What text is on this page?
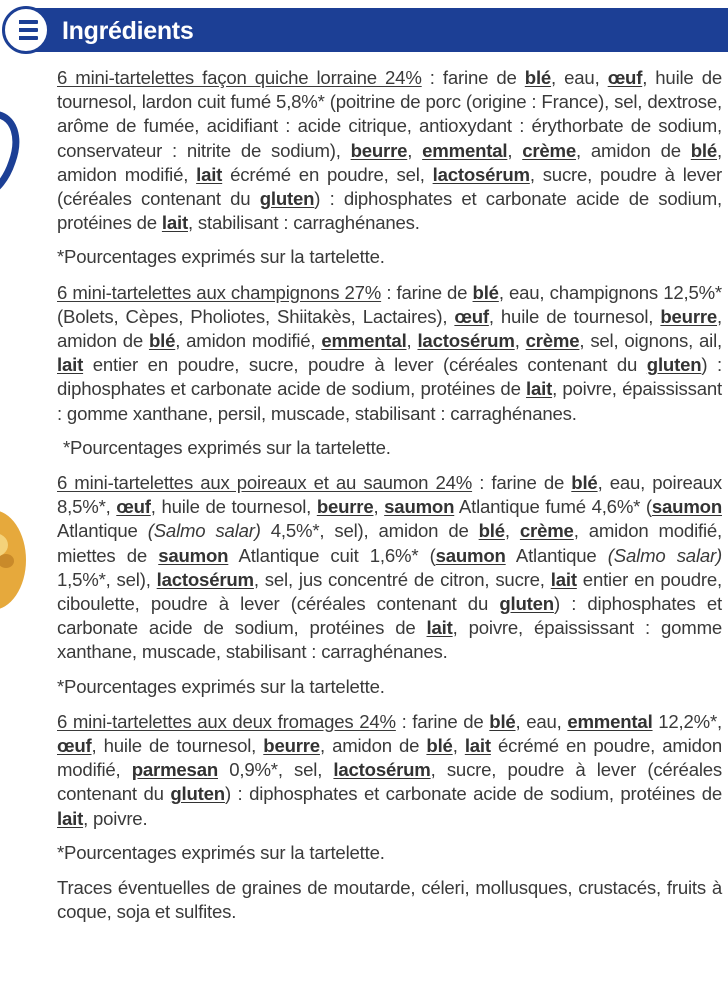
Ingrédients

6 mini-tartelettes façon quiche lorraine 24% : farine de blé, eau, œuf, huile de tournesol, lardon cuit fumé 5,8%* (poitrine de porc (origine : France), sel, dextrose, arôme de fumée, acidifiant : acide citrique, antioxydant : érythorbate de sodium, conservateur : nitrite de sodium), beurre, emmental, crème, amidon de blé, amidon modifié, lait écrémé en poudre, sel, lactosérum, sucre, poudre à lever (céréales contenant du gluten) : diphosphates et carbonate acide de sodium, protéines de lait, stabilisant : carraghénanes.

*Pourcentages exprimés sur la tartelette.

6 mini-tartelettes aux champignons 27% : farine de blé, eau, champignons 12,5%* (Bolets, Cèpes, Pholiotes, Shiitakès, Lactaires), œuf, huile de tournesol, beurre, amidon de blé, amidon modifié, emmental, lactosérum, crème, sel, oignons, ail, lait entier en poudre, sucre, poudre à lever (céréales contenant du gluten) : diphosphates et carbonate acide de sodium, protéines de lait, poivre, épaississant : gomme xanthane, persil, muscade, stabilisant : carraghénanes.

*Pourcentages exprimés sur la tartelette.

6 mini-tartelettes aux poireaux et au saumon 24% : farine de blé, eau, poireaux 8,5%*, œuf, huile de tournesol, beurre, saumon Atlantique fumé 4,6%* (saumon Atlantique (Salmo salar) 4,5%*, sel), amidon de blé, crème, amidon modifié, miettes de saumon Atlantique cuit 1,6%* (saumon Atlantique (Salmo salar) 1,5%*, sel), lactosérum, sel, jus concentré de citron, sucre, lait entier en poudre, ciboulette, poudre à lever (céréales contenant du gluten) : diphosphates et carbonate acide de sodium, protéines de lait, poivre, épaississant : gomme xanthane, muscade, stabilisant : carraghénanes.

*Pourcentages exprimés sur la tartelette.

6 mini-tartelettes aux deux fromages 24% : farine de blé, eau, emmental 12,2%*, œuf, huile de tournesol, beurre, amidon de blé, lait écrémé en poudre, amidon modifié, parmesan 0,9%*, sel, lactosérum, sucre, poudre à lever (céréales contenant du gluten) : diphosphates et carbonate acide de sodium, protéines de lait, poivre.

*Pourcentages exprimés sur la tartelette.

Traces éventuelles de graines de moutarde, céleri, mollusques, crustacés, fruits à coque, soja et sulfites.
